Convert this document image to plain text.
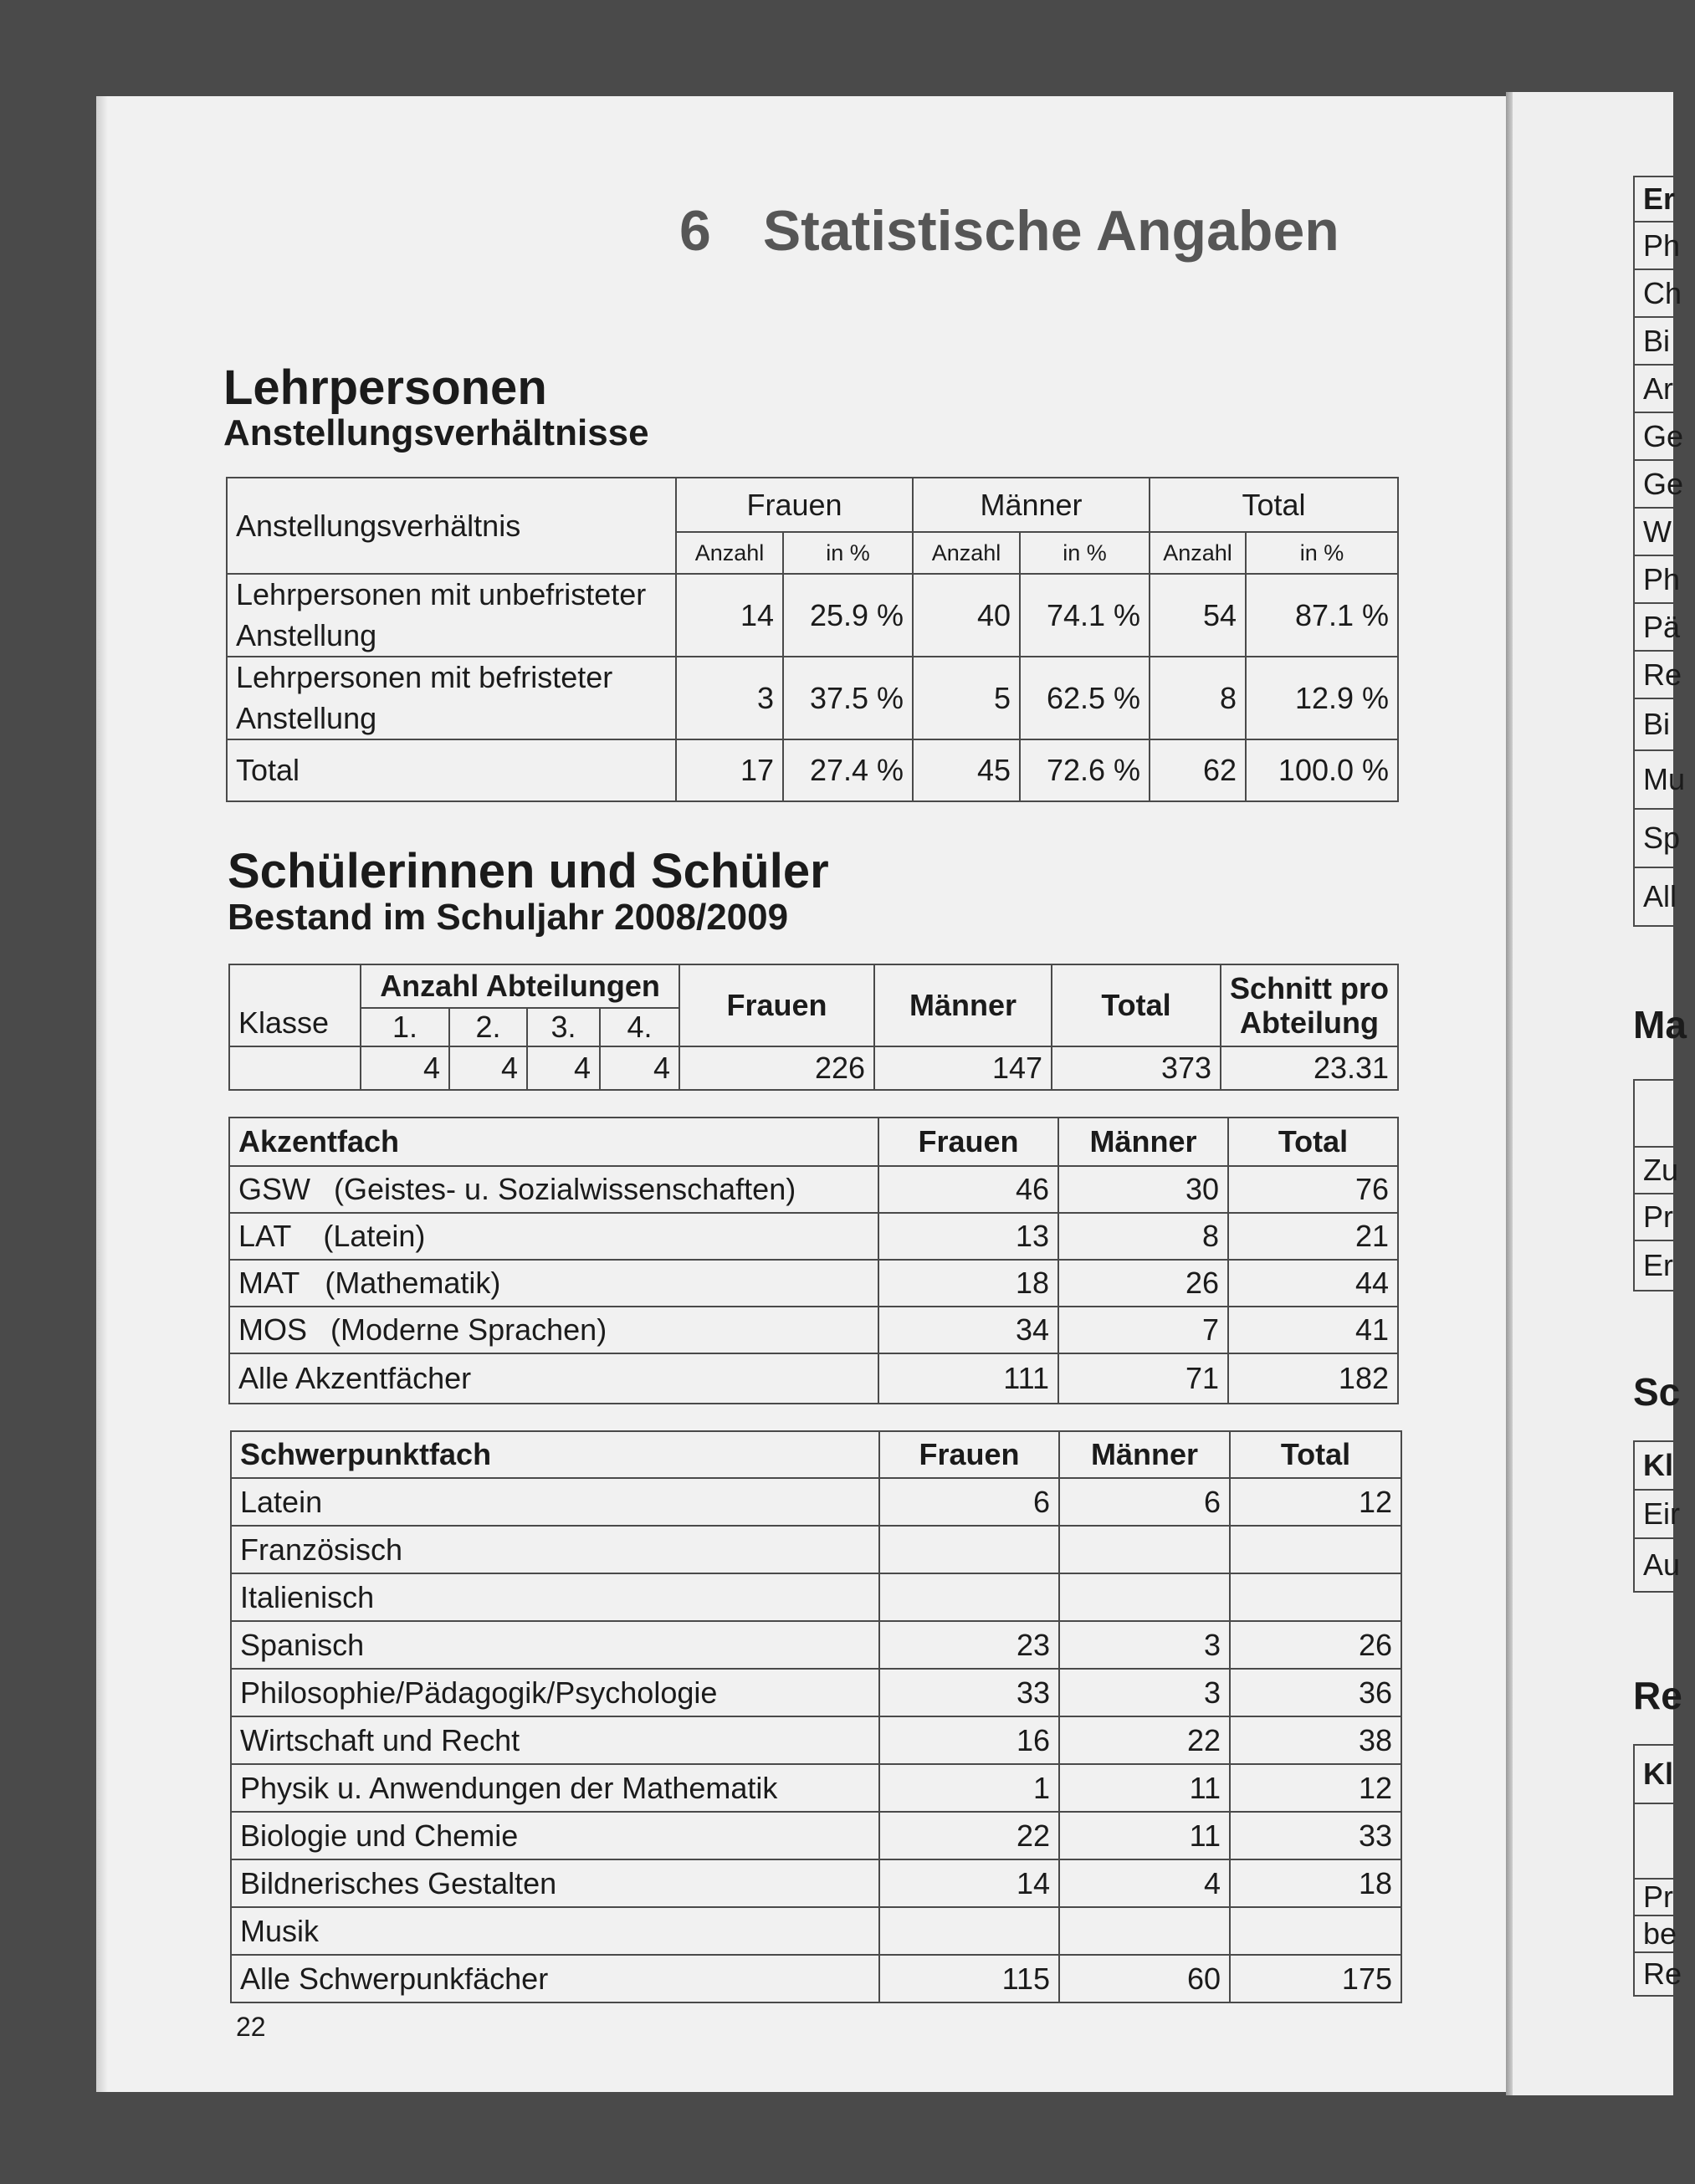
6 Statistische Angaben
Lehrpersonen
Anstellungsverhältnisse
Anstellungsverhältnis	Frauen		Männer		Total	
	Anzahl	in %	Anzahl	in %	Anzahl	in %
Lehrpersonen mit unbefristeter Anstellung	14	25.9 %	40	74.1 %	54	87.1 %
Lehrpersonen mit befristeter Anstellung	3	37.5 %	5	62.5 %	8	12.9 %
Total	17	27.4 %	45	72.6 %	62	100.0 %
Schülerinnen und Schüler
Bestand im Schuljahr 2008/2009
Klasse	Anzahl Abteilungen				Frauen	Männer	Total	Schnitt pro Abteilung
	1.	2.	3.	4.				
	4	4	4	4	226	147	373	23.31
Akzentfach	Frauen	Männer	Total
GSW (Geistes- u. Sozialwissenschaften)	46	30	76
LAT (Latein)	13	8	21
MAT (Mathematik)	18	26	44
MOS (Moderne Sprachen)	34	7	41
Alle Akzentfächer	111	71	182
Schwerpunktfach	Frauen	Männer	Total
Latein	6	6	12
Französisch			
Italienisch			
Spanisch	23	3	26
Philosophie/Pädagogik/Psychologie	33	3	36
Wirtschaft und Recht	16	22	38
Physik u. Anwendungen der Mathematik	1	11	12
Biologie und Chemie	22	11	33
Bildnerisches Gestalten	14	4	18
Musik			
Alle Schwerpunkfächer	115	60	175
22
Er
Ph
Ch
Bi
Ar
Ge
Ge
W
Ph
Pä
Re
Bi
Mu
Sp
All
Ma

Zu
Pr
Er
Sc
Kl
Eir
Au
Re
Kl

Pr
be
Re
